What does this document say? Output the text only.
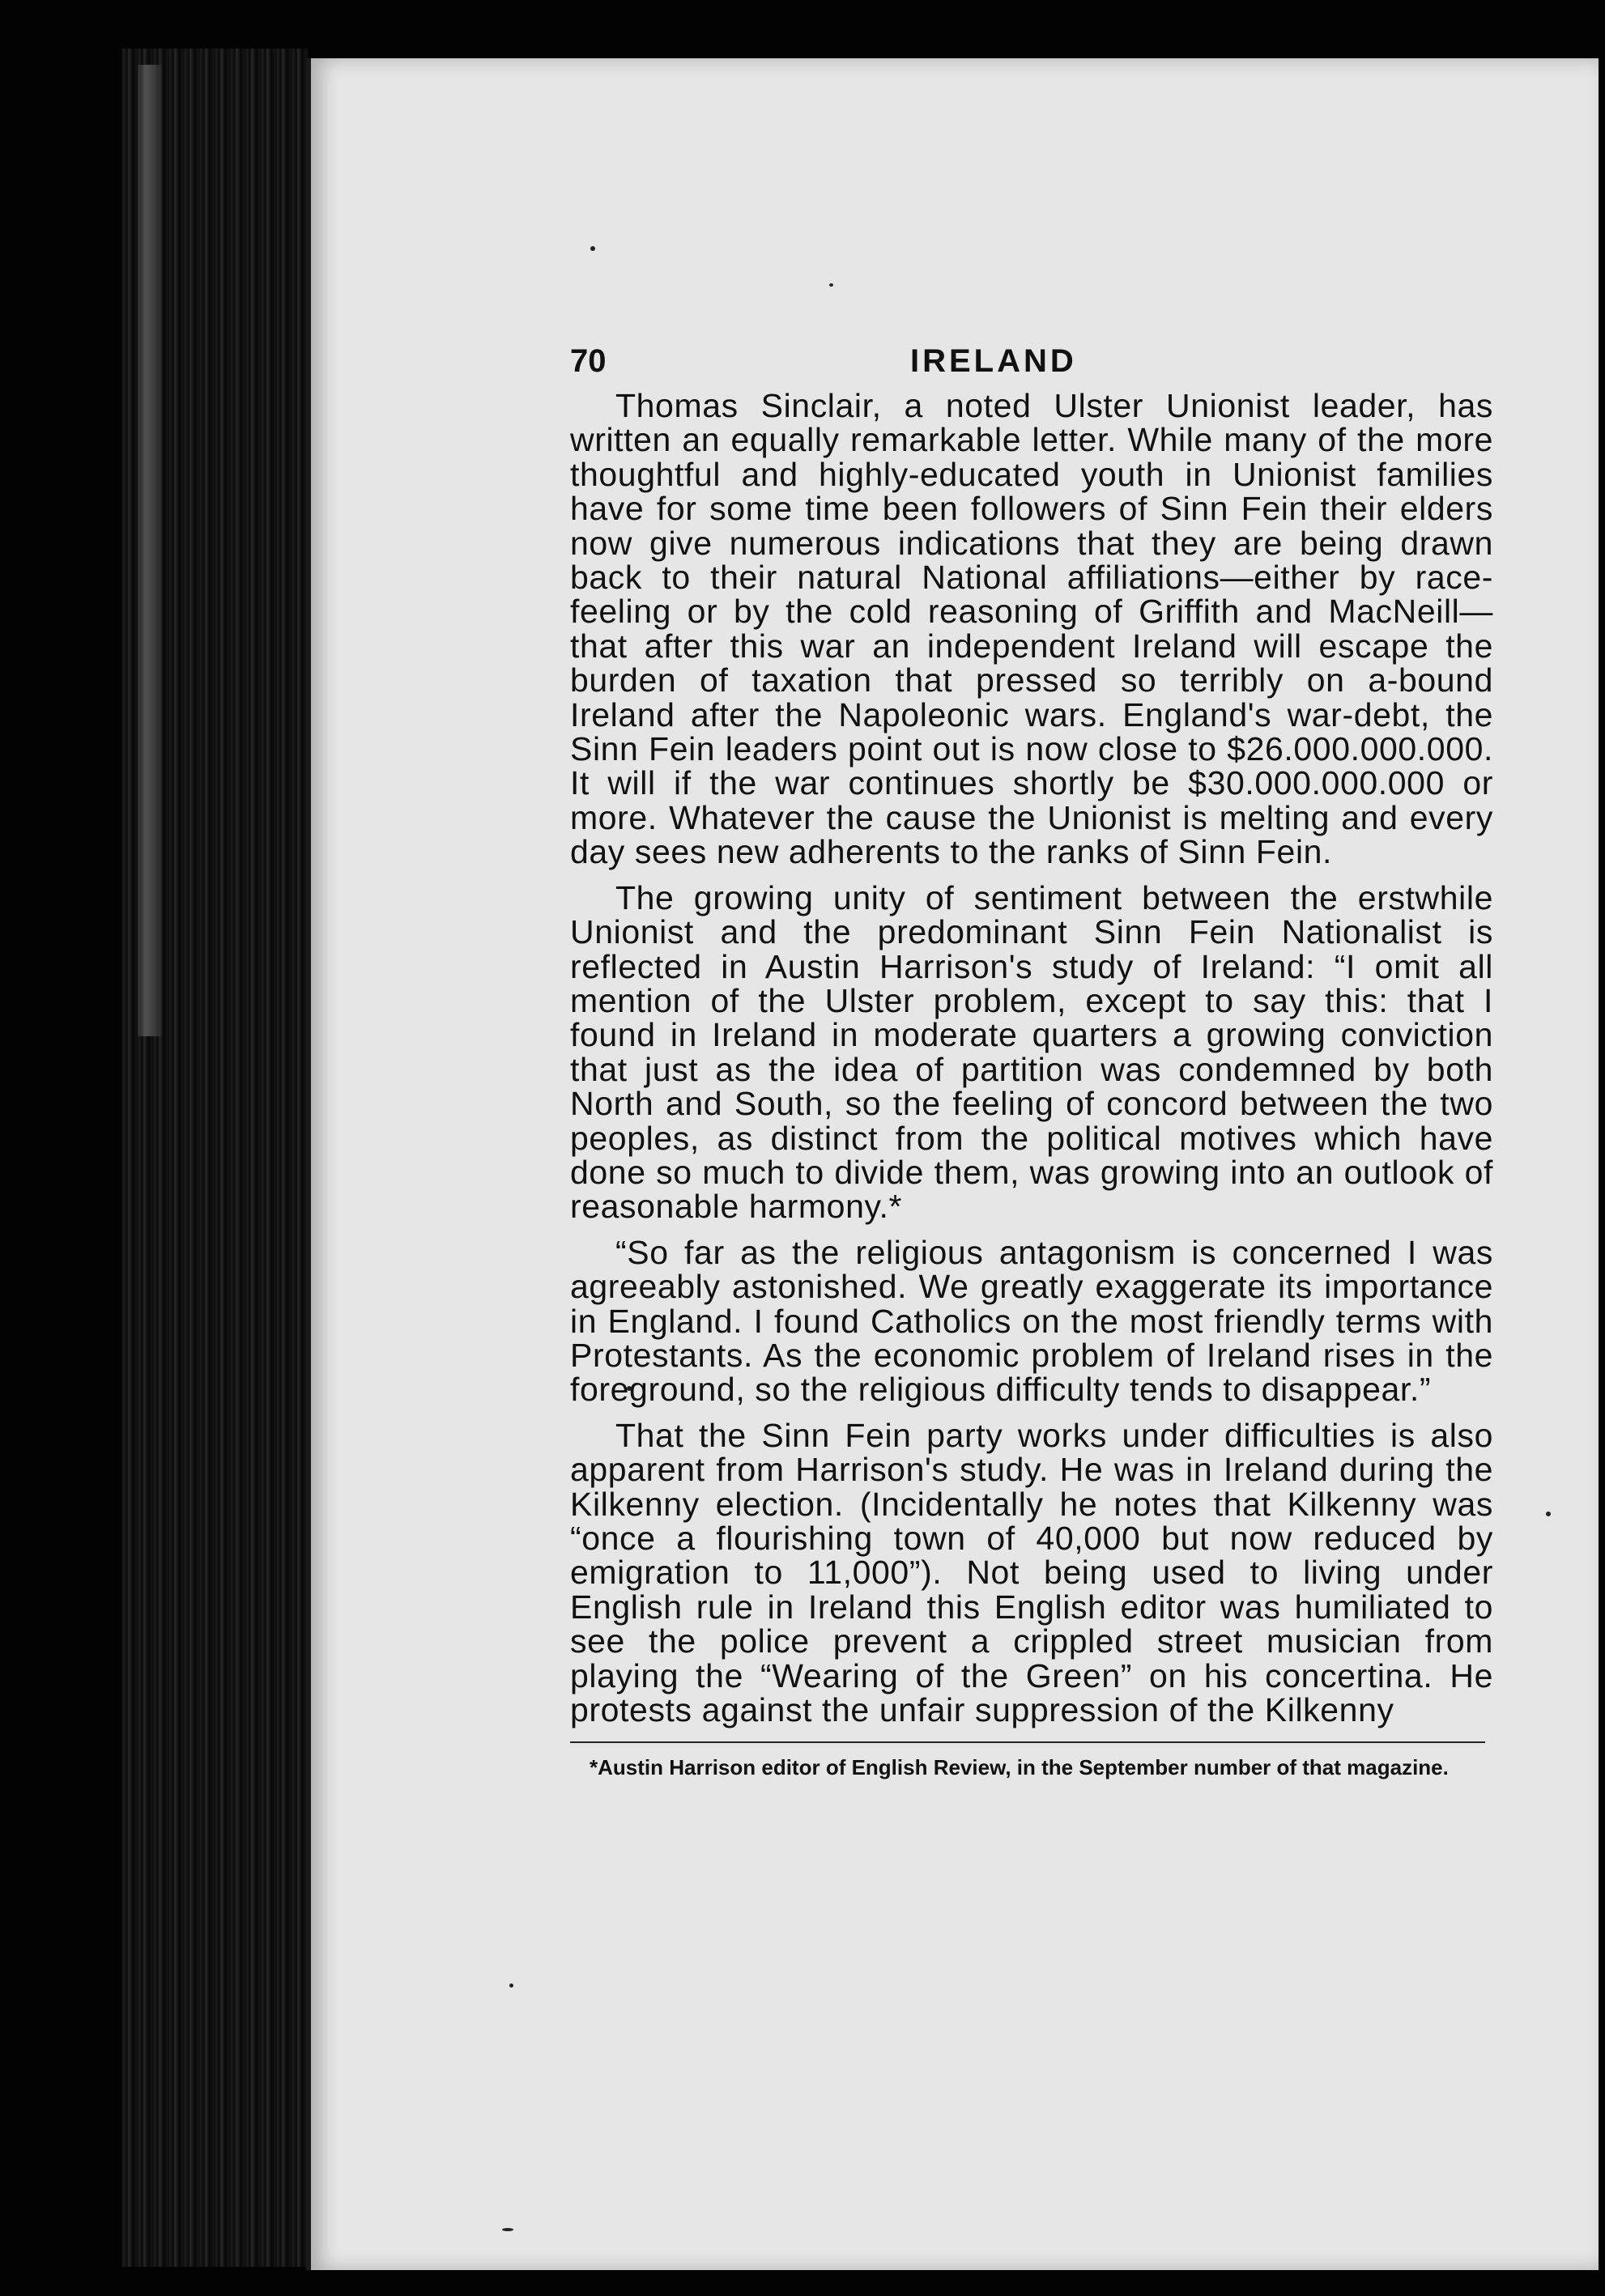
70	IRELAND

Thomas Sinclair, a noted Ulster Unionist leader, has written an equally remarkable letter. While many of the more thoughtful and highly-educated youth in Unionist families have for some time been followers of Sinn Fein their elders now give numerous indications that they are being drawn back to their natural National affiliations—either by race-feeling or by the cold reasoning of Griffith and MacNeill—that after this war an independent Ireland will escape the burden of taxation that pressed so terribly on a-bound Ireland after the Napoleonic wars. England's war-debt, the Sinn Fein leaders point out is now close to $26.000.000.000. It will if the war continues shortly be $30.000.000.000 or more. Whatever the cause the Unionist is melting and every day sees new adherents to the ranks of Sinn Fein.

The growing unity of sentiment between the erstwhile Unionist and the predominant Sinn Fein Nationalist is reflected in Austin Harrison's study of Ireland: “I omit all mention of the Ulster problem, except to say this: that I found in Ireland in moderate quarters a growing conviction that just as the idea of partition was condemned by both North and South, so the feeling of concord between the two peoples, as distinct from the political motives which have done so much to divide them, was growing into an outlook of reasonable harmony.*

“So far as the religious antagonism is concerned I was agreeably astonished. We greatly exaggerate its importance in England. I found Catholics on the most friendly terms with Protestants. As the economic problem of Ireland rises in the foreground, so the religious difficulty tends to disappear.”

That the Sinn Fein party works under difficulties is also apparent from Harrison's study. He was in Ireland during the Kilkenny election. (Incidentally he notes that Kilkenny was “once a flourishing town of 40,000 but now reduced by emigration to 11,000”). Not being used to living under English rule in Ireland this English editor was humiliated to see the police prevent a crippled street musician from playing the “Wearing of the Green” on his concertina. He protests against the unfair suppression of the Kilkenny

*Austin Harrison editor of English Review, in the September number of that magazine.
